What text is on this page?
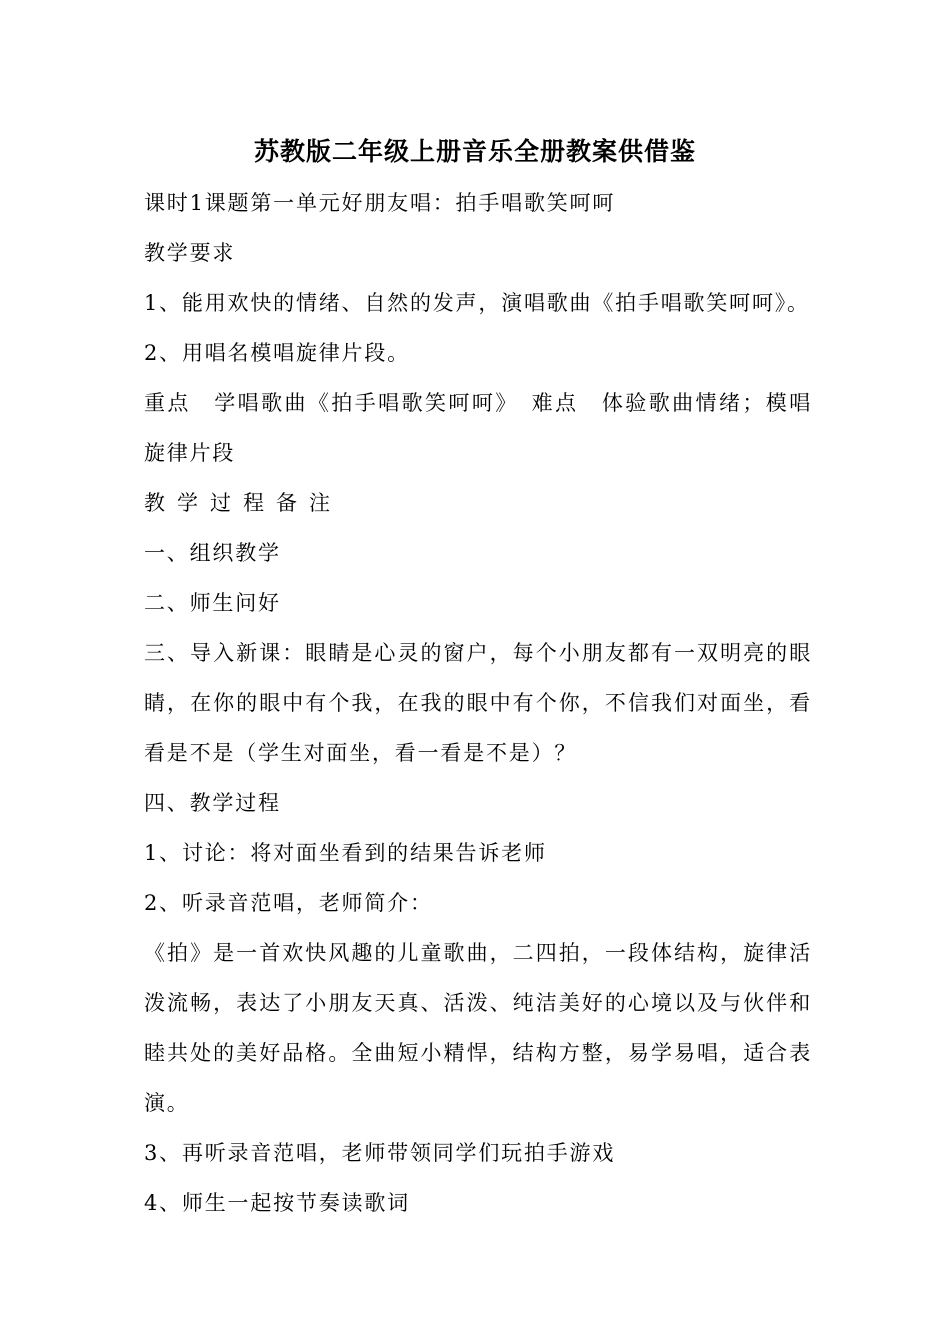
苏教版二年级上册音乐全册教案供借鉴
课时1课题第一单元好朋友唱：拍手唱歌笑呵呵
教学要求
1、能用欢快的情绪、自然的发声，演唱歌曲《拍手唱歌笑呵呵》。
2、用唱名模唱旋律片段。
重点　学唱歌曲《拍手唱歌笑呵呵》　难点　体验歌曲情绪；模唱旋律片段
教学过程备注
一、组织教学
二、师生问好
三、导入新课：眼睛是心灵的窗户，每个小朋友都有一双明亮的眼睛，在你的眼中有个我，在我的眼中有个你，不信我们对面坐，看看是不是（学生对面坐，看一看是不是）？
四、教学过程
1、讨论：将对面坐看到的结果告诉老师
2、听录音范唱，老师简介：
《拍》是一首欢快风趣的儿童歌曲，二四拍，一段体结构，旋律活泼流畅，表达了小朋友天真、活泼、纯洁美好的心境以及与伙伴和睦共处的美好品格。全曲短小精悍，结构方整，易学易唱，适合表演。
3、再听录音范唱，老师带领同学们玩拍手游戏
4、师生一起按节奏读歌词
